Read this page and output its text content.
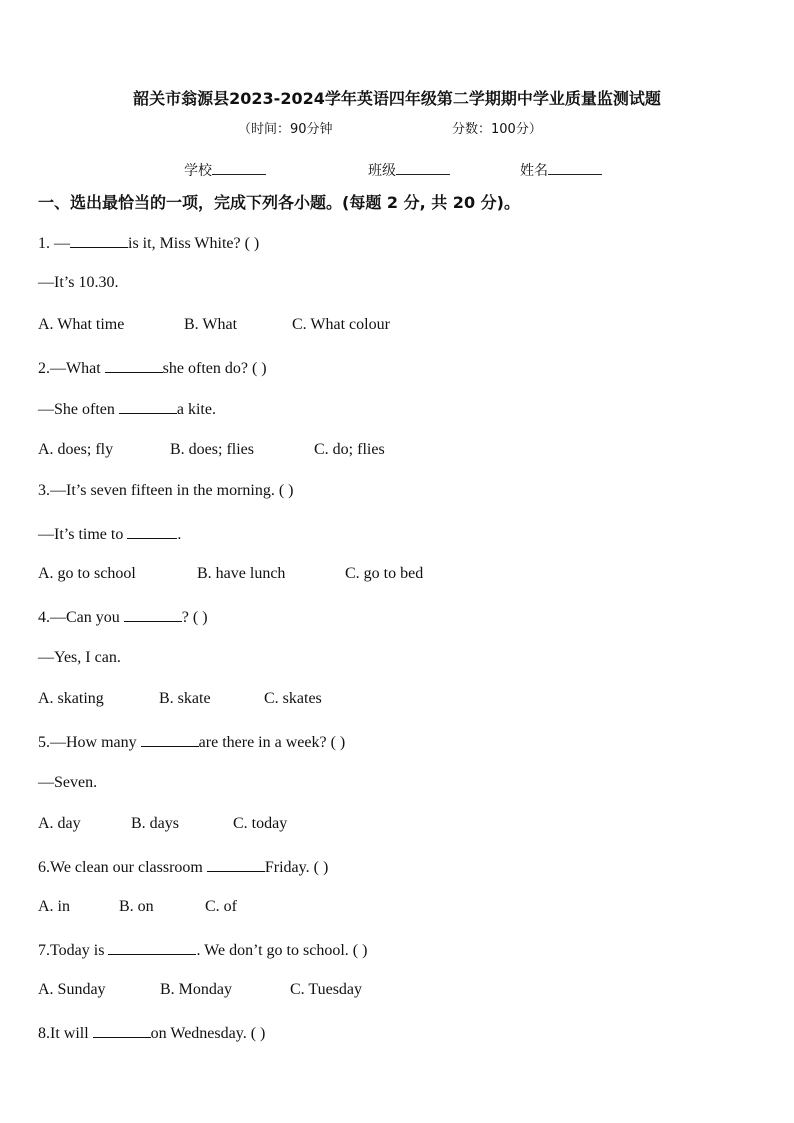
韶关市翁源县2023-2024学年英语四年级第二学期期中学业质量监测试题
（时间：90分钟	分数：100分）
学校	班级	姓名
一、选出最恰当的一项，完成下列各小题。(每题 2 分, 共 20 分)。
1. —	is it, Miss White? ( )
—It’s 10.30.
A. What time	B. What	C. What colour
2.—What	she often do? ( )
—She often	a kite.
A. does; fly	B. does; flies	C. do; flies
3.—It’s seven fifteen in the morning. ( )
—It’s time to	.
A. go to school	B. have lunch	C. go to bed
4.—Can you	? ( )
—Yes, I can.
A. skating	B. skate	C. skates
5.—How many	are there in a week? ( )
—Seven.
A. day	B. days	C. today
6.We clean our classroom	Friday. ( )
A. in	B. on	C. of
7.Today is	. We don’t go to school. ( )
A. Sunday	B. Monday	C. Tuesday
8.It will	on Wednesday. ( )
